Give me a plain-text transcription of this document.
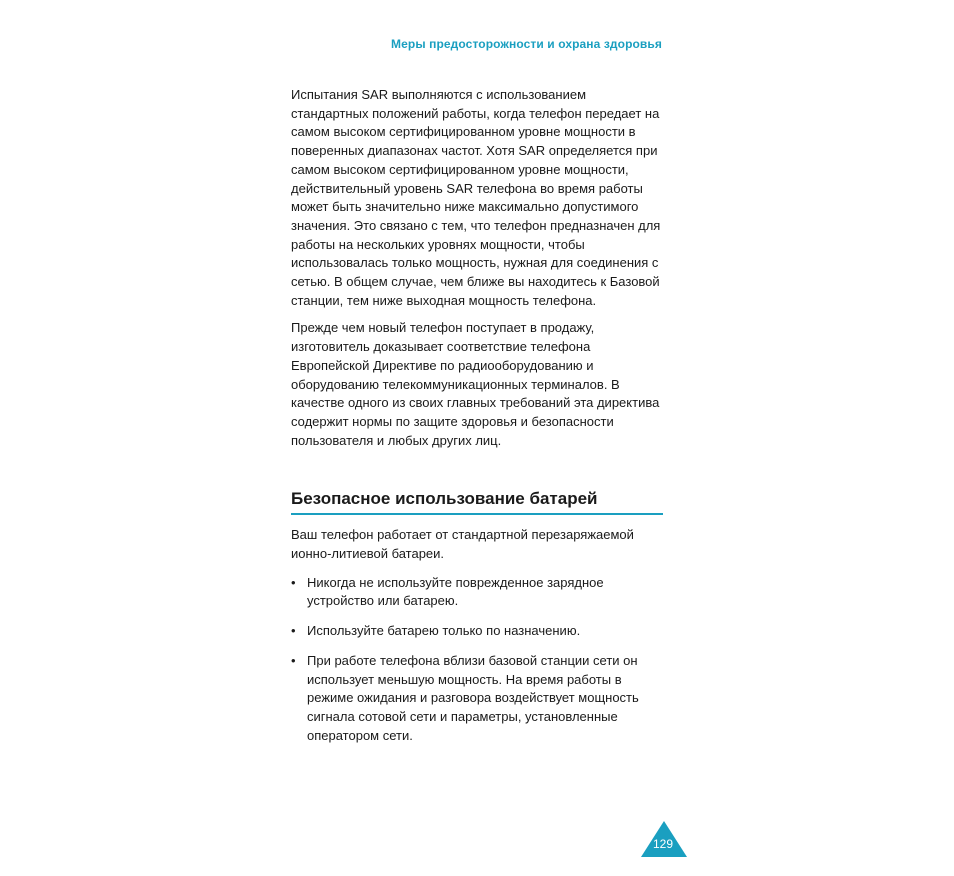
Меры предосторожности и охрана здоровья

Испытания SAR выполняются с использованием стандартных положений работы, когда телефон передает на самом высоком сертифицированном уровне мощности в поверенных диапазонах частот. Хотя SAR определяется при самом высоком сертифицированном уровне мощности, действительный уровень SAR телефона во время работы может быть значительно ниже максимально допустимого значения. Это связано с тем, что телефон предназначен для работы на нескольких уровнях мощности, чтобы использовалась только мощность, нужная для соединения с сетью. В общем случае, чем ближе вы находитесь к Базовой станции, тем ниже выходная мощность телефона.

Прежде чем новый телефон поступает в продажу, изготовитель доказывает соответствие телефона Европейской Директиве по радиооборудованию и оборудованию телекоммуникационных терминалов. В качестве одного из своих главных требований эта директива содержит нормы по защите здоровья и безопасности пользователя и любых других лиц.

Безопасное использование батарей

Ваш телефон работает от стандартной перезаряжаемой ионно-литиевой батареи.

• Никогда не используйте поврежденное зарядное устройство или батарею.
• Используйте батарею только по назначению.
• При работе телефона вблизи базовой станции сети он использует меньшую мощность. На время работы в режиме ожидания и разговора воздействует мощность сигнала сотовой сети и параметры, установленные оператором сети.
129
